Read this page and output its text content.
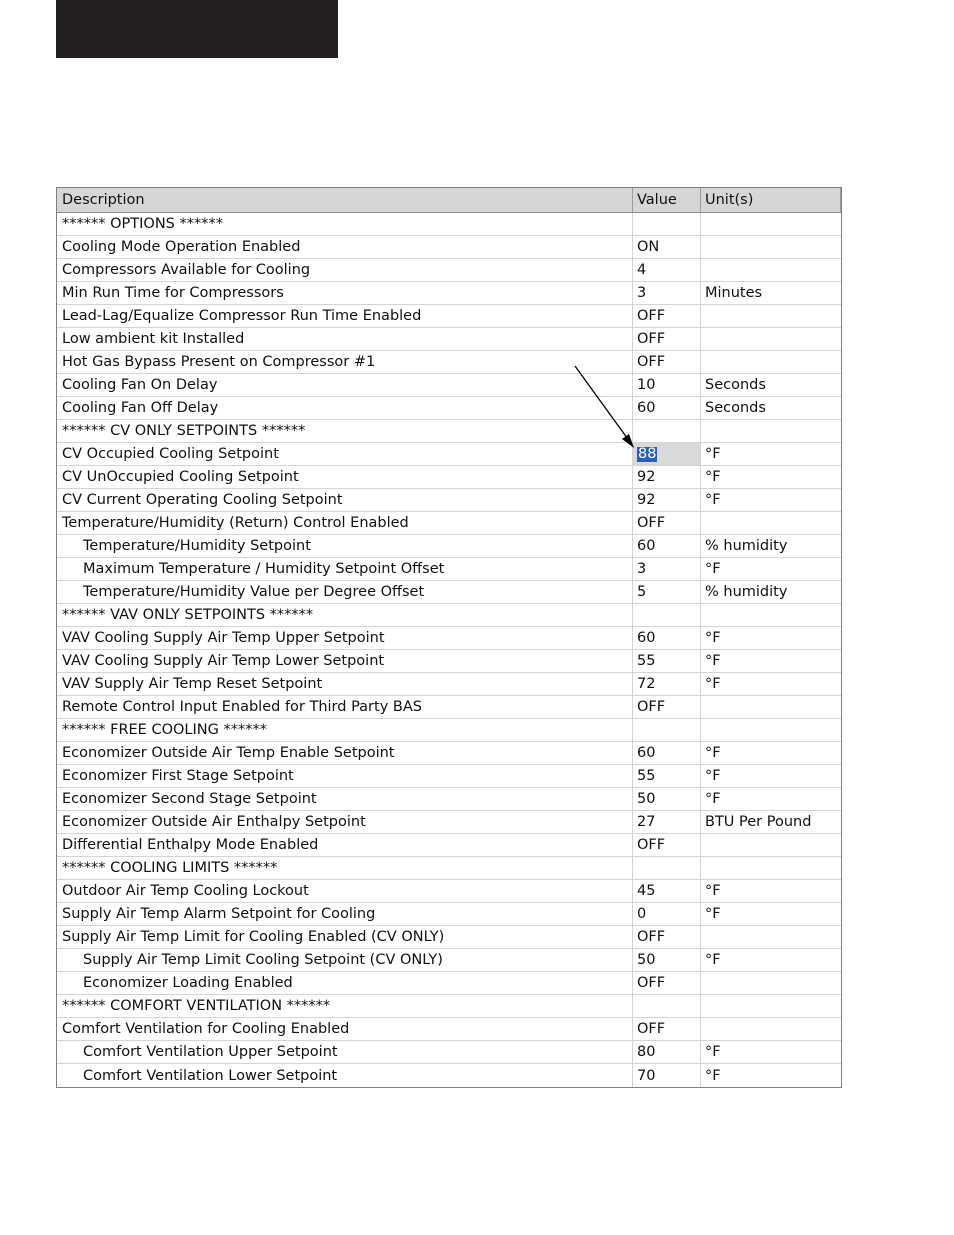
Description	Value	Unit(s)
****** OPTIONS ******
Cooling Mode Operation Enabled	ON
Compressors Available for Cooling	4
Min Run Time for Compressors	3	Minutes
Lead-Lag/Equalize Compressor Run Time Enabled	OFF
Low ambient kit Installed	OFF
Hot Gas Bypass Present on Compressor #1	OFF
Cooling Fan On Delay	10	Seconds
Cooling Fan Off Delay	60	Seconds
****** CV ONLY SETPOINTS ******
CV Occupied Cooling Setpoint	88	°F
CV UnOccupied Cooling Setpoint	92	°F
CV Current Operating Cooling Setpoint	92	°F
Temperature/Humidity (Return) Control Enabled	OFF
Temperature/Humidity Setpoint	60	% humidity
Maximum Temperature / Humidity Setpoint Offset	3	°F
Temperature/Humidity Value per Degree Offset	5	% humidity
****** VAV ONLY SETPOINTS ******
VAV Cooling Supply Air Temp Upper Setpoint	60	°F
VAV Cooling Supply Air Temp Lower Setpoint	55	°F
VAV Supply Air Temp Reset Setpoint	72	°F
Remote Control Input Enabled for Third Party BAS	OFF
****** FREE COOLING ******
Economizer Outside Air Temp Enable Setpoint	60	°F
Economizer First Stage Setpoint	55	°F
Economizer Second Stage Setpoint	50	°F
Economizer Outside Air Enthalpy Setpoint	27	BTU Per Pound
Differential Enthalpy Mode Enabled	OFF
****** COOLING LIMITS ******
Outdoor Air Temp Cooling Lockout	45	°F
Supply Air Temp Alarm Setpoint for Cooling	0	°F
Supply Air Temp Limit for Cooling Enabled (CV ONLY)	OFF
Supply Air Temp Limit Cooling Setpoint (CV ONLY)	50	°F
Economizer Loading Enabled	OFF
****** COMFORT VENTILATION ******
Comfort Ventilation for Cooling Enabled	OFF
Comfort Ventilation Upper Setpoint	80	°F
Comfort Ventilation Lower Setpoint	70	°F
